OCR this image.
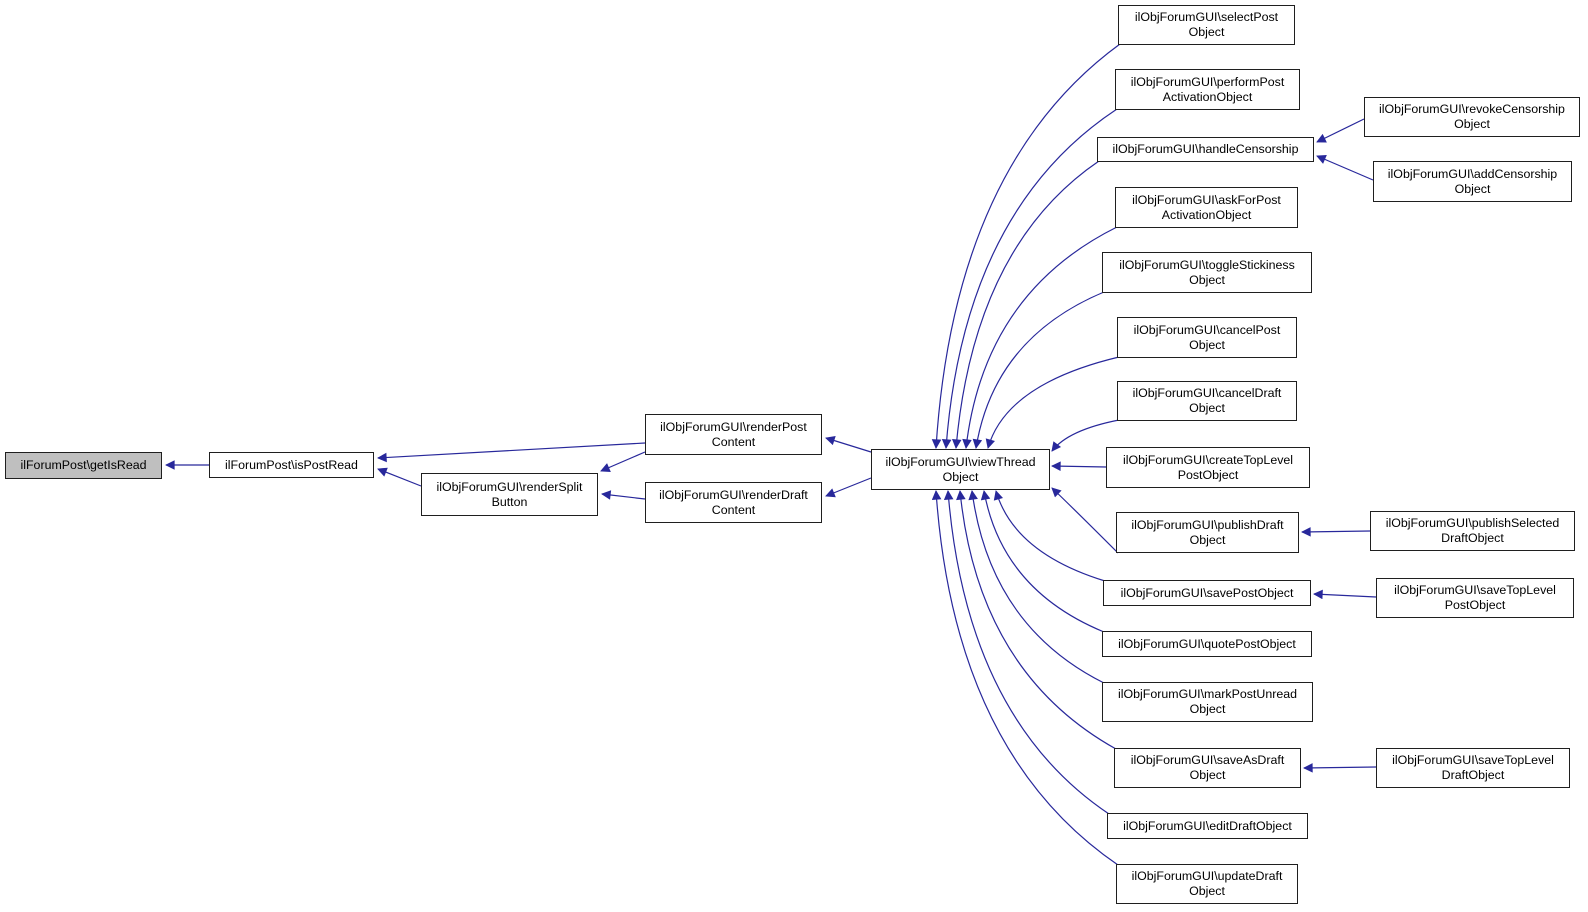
ilForumPost\getIsRead	ilForumPost\isPostRead
ilObjForumGUI\renderSplit
Button
ilObjForumGUI\renderPost
Content
ilObjForumGUI\renderDraft
Content
ilObjForumGUI\viewThread
Object
ilObjForumGUI\selectPost
Object
ilObjForumGUI\performPost
ActivationObject
ilObjForumGUI\handleCensorship
ilObjForumGUI\askForPost
ActivationObject
ilObjForumGUI\toggleStickiness
Object
ilObjForumGUI\cancelPost
Object
ilObjForumGUI\cancelDraft
Object
ilObjForumGUI\createTopLevel
PostObject
ilObjForumGUI\publishDraft
Object
ilObjForumGUI\savePostObject
ilObjForumGUI\quotePostObject
ilObjForumGUI\markPostUnread
Object
ilObjForumGUI\saveAsDraft
Object
ilObjForumGUI\editDraftObject
ilObjForumGUI\updateDraft
Object
ilObjForumGUI\revokeCensorship
Object
ilObjForumGUI\addCensorship
Object
ilObjForumGUI\publishSelected
DraftObject
ilObjForumGUI\saveTopLevel
PostObject
ilObjForumGUI\saveTopLevel
DraftObject
